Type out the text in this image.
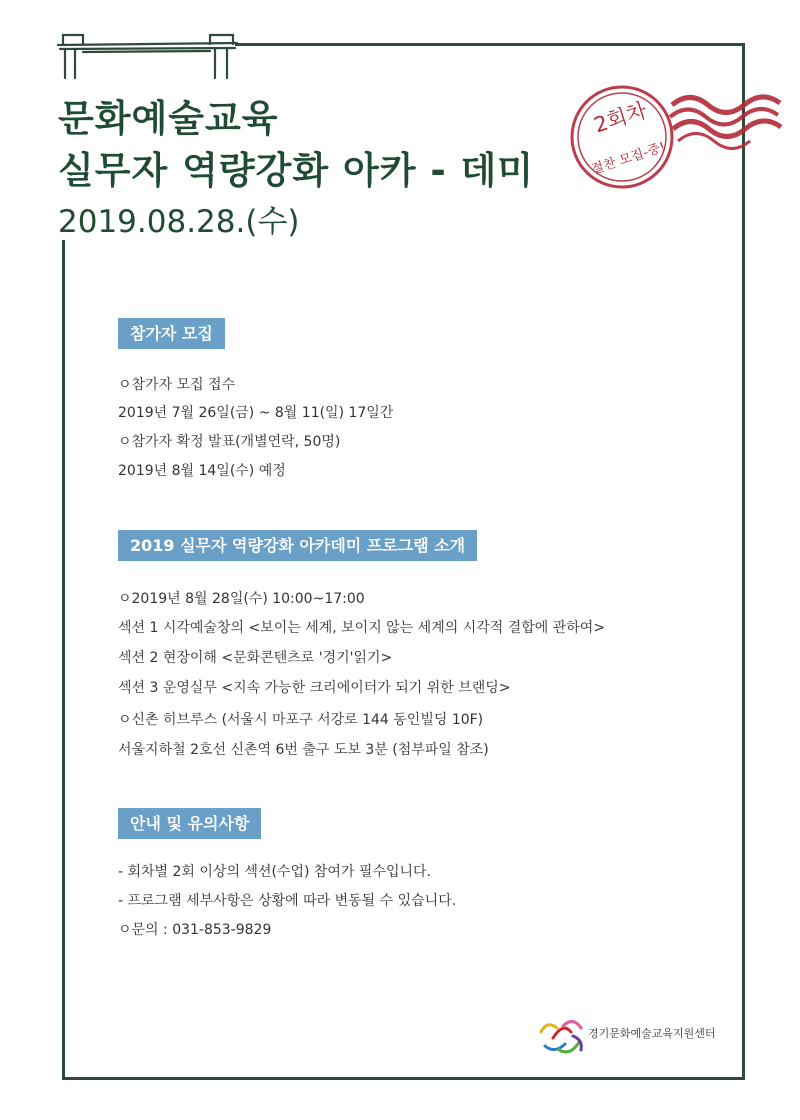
문화예술교육
실무자 역량강화 아카 - 데미
2019.08.28.(수)
2회차
절찬 모집-중!
참가자 모집
ㅇ참가자 모집 접수
2019년 7월 26일(금) ~ 8월 11(일) 17일간
ㅇ참가자 확정 발표(개별연락, 50명)
2019년 8월 14일(수) 예정
2019 실무자 역량강화 아카데미 프로그램 소개
ㅇ2019년 8월 28일(수) 10:00~17:00
섹션 1 시각예술창의 <보이는 세계, 보이지 않는 세계의 시각적 결합에 관하여>
섹션 2 현장이해 <문화콘텐츠로 '경기'읽기>
섹션 3 운영실무 <지속 가능한 크리에이터가 되기 위한 브랜딩>
ㅇ신촌 히브루스 (서울시 마포구 서강로 144 동인빌딩 10F)
서울지하철 2호선 신촌역 6번 출구 도보 3분 (첨부파일 참조)
안내 및 유의사항
- 회차별 2회 이상의 섹션(수업) 참여가 필수입니다.
- 프로그램 세부사항은 상황에 따라 변동될 수 있습니다.
ㅇ문의 : 031-853-9829
경기문화예술교육지원센터
